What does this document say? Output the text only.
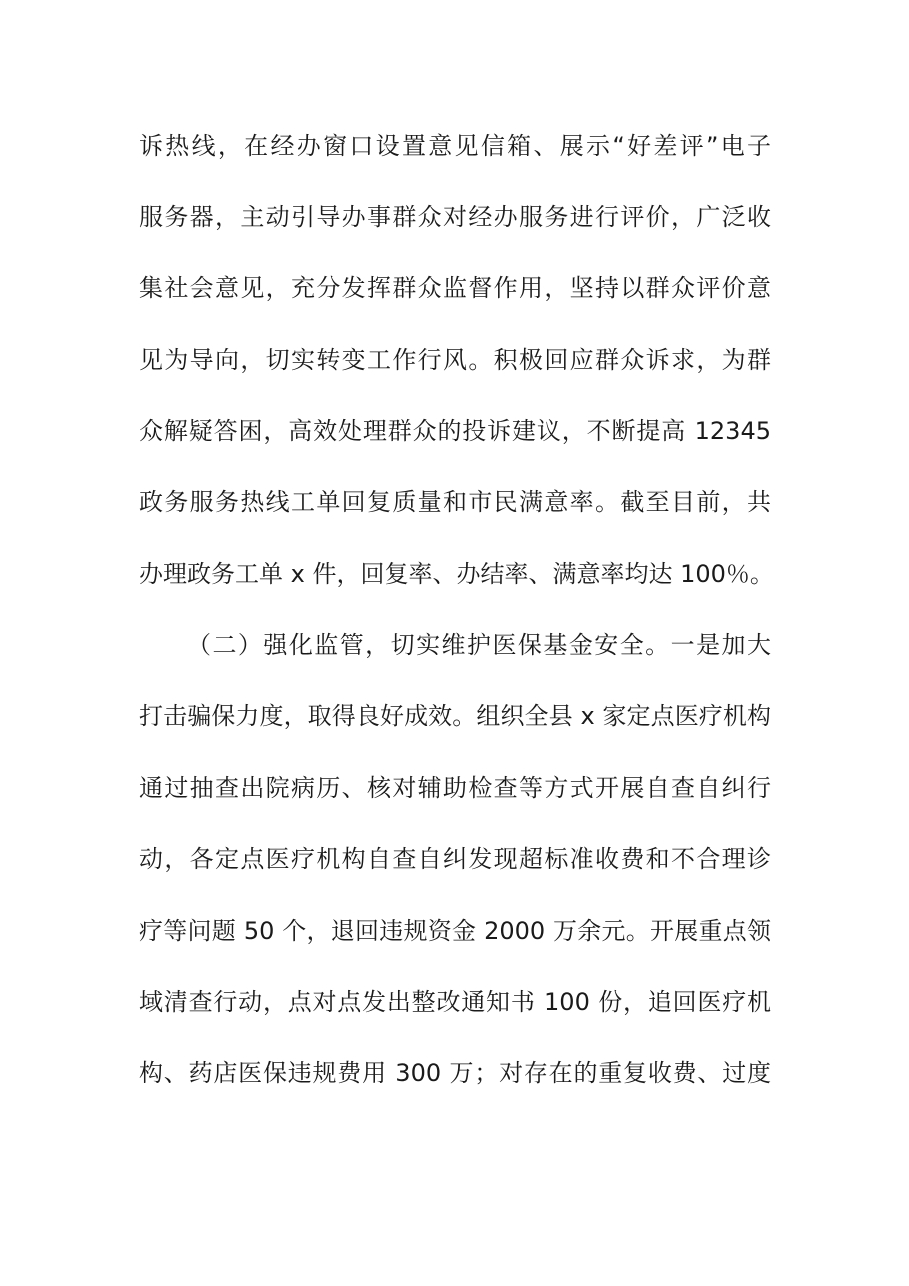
诉热线，在经办窗口设置意见信箱、展示“好差评”电子
服务器，主动引导办事群众对经办服务进行评价，广泛收
集社会意见，充分发挥群众监督作用，坚持以群众评价意
见为导向，切实转变工作行风。积极回应群众诉求，为群
众解疑答困，高效处理群众的投诉建议，不断提高 12345
政务服务热线工单回复质量和市民满意率。截至目前，共
办理政务工单 x 件，回复率、办结率、满意率均达 100％。
（二）强化监管，切实维护医保基金安全。一是加大
打击骗保力度，取得良好成效。组织全县 x 家定点医疗机构
通过抽查出院病历、核对辅助检查等方式开展自查自纠行
动，各定点医疗机构自查自纠发现超标准收费和不合理诊
疗等问题 50 个，退回违规资金 2000 万余元。开展重点领
域清查行动，点对点发出整改通知书 100 份，追回医疗机
构、药店医保违规费用 300 万；对存在的重复收费、过度
